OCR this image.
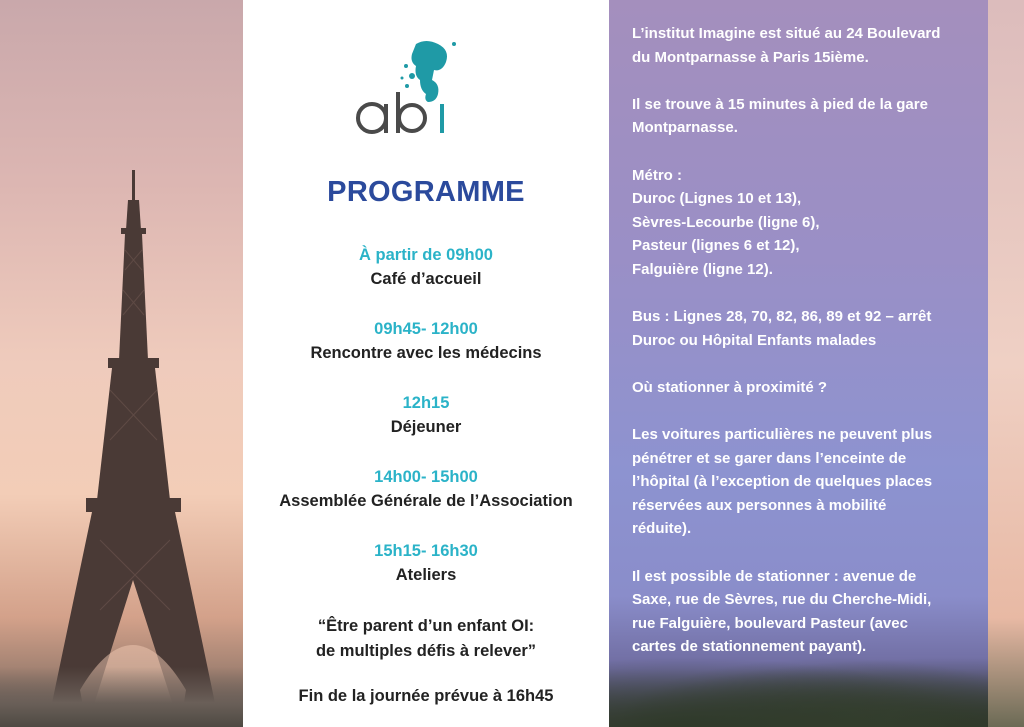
PROGRAMME
À partir de 09h00
Café d’accueil
09h45- 12h00
Rencontre avec les médecins
12h15
Déjeuner
14h00- 15h00
Assemblée Générale de l’Association
15h15- 16h30
Ateliers
“Être parent d’un enfant OI:
de multiples défis à relever”
Fin de la journée prévue à 16h45

L’institut Imagine est situé au 24 Boulevard
du Montparnasse à Paris 15ième.

Il se trouve à 15 minutes à pied de la gare
Montparnasse.

Métro :
Duroc (Lignes 10 et 13),
Sèvres-Lecourbe (ligne 6),
Pasteur (lignes 6 et 12),
Falguière (ligne 12).

Bus : Lignes 28, 70, 82, 86, 89 et 92 – arrêt
Duroc ou Hôpital Enfants malades

Où stationner à proximité ?

Les voitures particulières ne peuvent plus
pénétrer et se garer dans l’enceinte de
l’hôpital (à l’exception de quelques places
réservées aux personnes à mobilité
réduite).

Il est possible de stationner : avenue de
Saxe, rue de Sèvres, rue du Cherche-Midi,
rue Falguière, boulevard Pasteur (avec
cartes de stationnement payant).
